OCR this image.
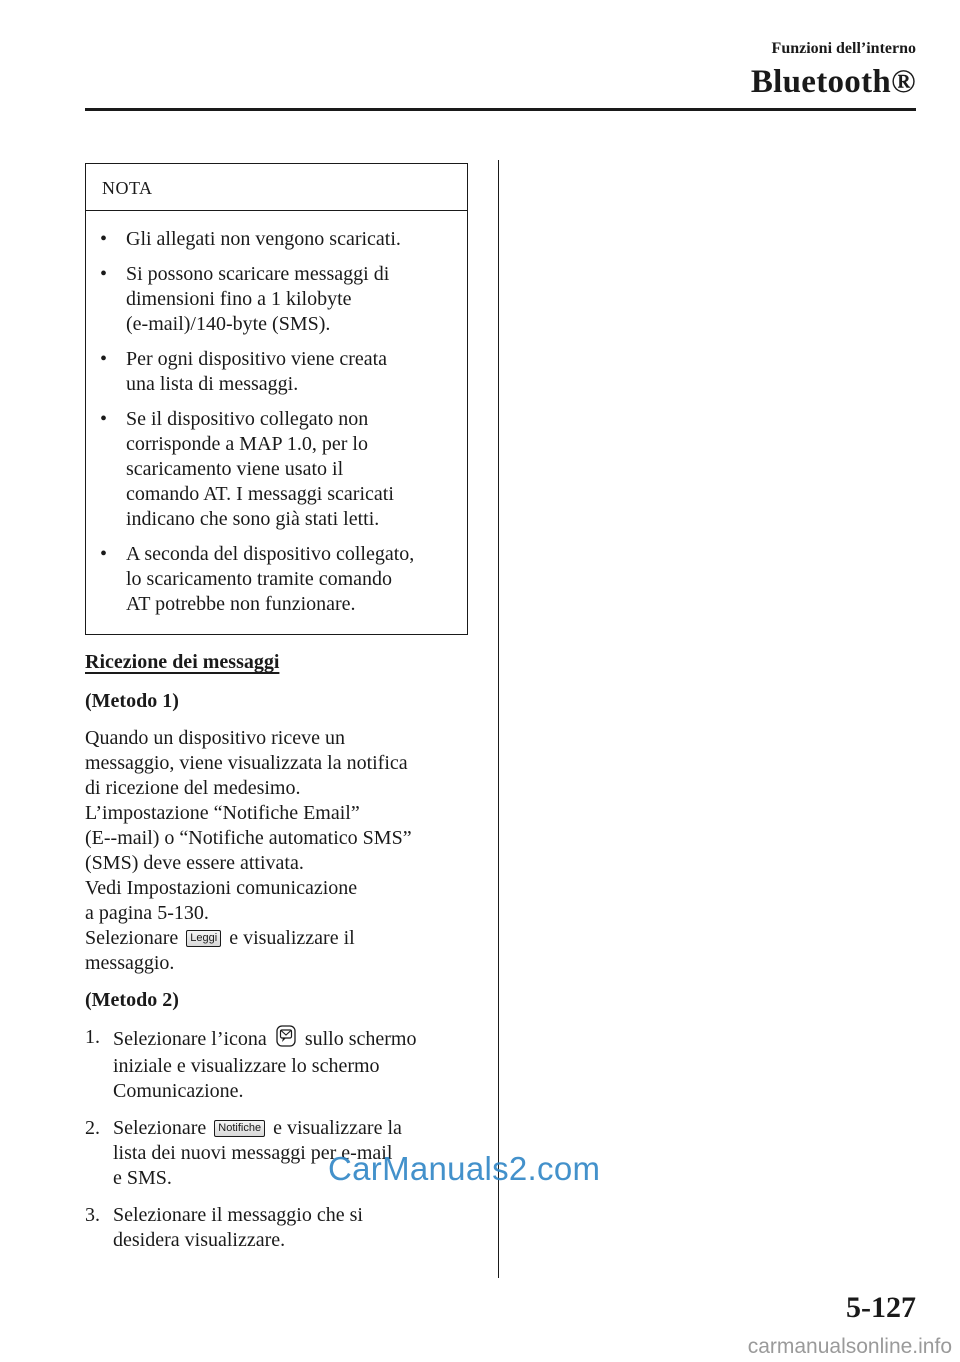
Funzioni dell’interno
Bluetooth®
NOTA
• Gli allegati non vengono scaricati.
• Si possono scaricare messaggi di
dimensioni fino a 1 kilobyte
(e-mail)/140-byte (SMS).
• Per ogni dispositivo viene creata
una lista di messaggi.
• Se il dispositivo collegato non
corrisponde a MAP 1.0, per lo
scaricamento viene usato il
comando AT. I messaggi scaricati
indicano che sono già stati letti.
• A seconda del dispositivo collegato,
lo scaricamento tramite comando
AT potrebbe non funzionare.
Ricezione dei messaggi
(Metodo 1)
Quando un dispositivo riceve un
messaggio, viene visualizzata la notifica
di ricezione del medesimo.
L’impostazione “Notifiche Email”
(E--mail) o “Notifiche automatico SMS”
(SMS) deve essere attivata.
Vedi Impostazioni comunicazione
a pagina 5-130.
Selezionare Leggi e visualizzare il
messaggio.
(Metodo 2)
1. Selezionare l’icona sullo schermo
iniziale e visualizzare lo schermo
Comunicazione.
2. Selezionare Notifiche e visualizzare la
lista dei nuovi messaggi per e-mail
e SMS.
3. Selezionare il messaggio che si
desidera visualizzare.
CarManuals2.com
5-127
carmanualsonline.info
